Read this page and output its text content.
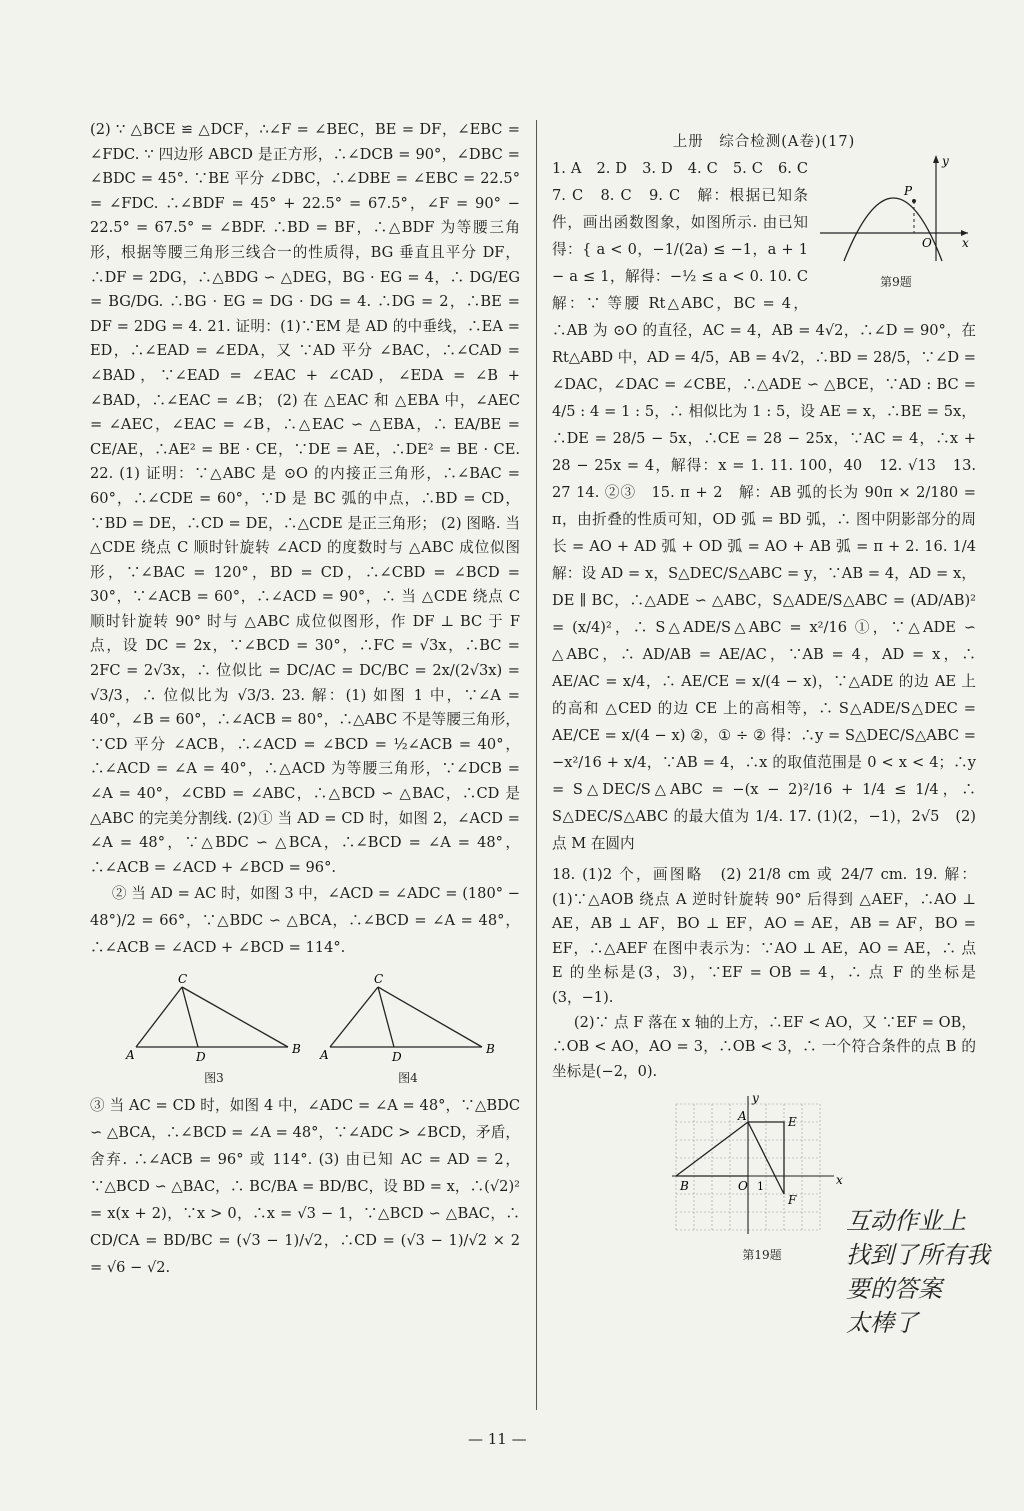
(2) ∵ △BCE ≌ △DCF，∴∠F = ∠BEC，BE = DF，∠EBC = ∠FDC. ∵ 四边形 ABCD 是正方形，∴∠DCB = 90°，∠DBC = ∠BDC = 45°. ∵BE 平分 ∠DBC，∴∠DBE = ∠EBC = 22.5° = ∠FDC. ∴∠BDF = 45° + 22.5° = 67.5°，∠F = 90° − 22.5° = 67.5° = ∠BDF. ∴BD = BF，∴△BDF 为等腰三角形，根据等腰三角形三线合一的性质得，BG 垂直且平分 DF，∴DF = 2DG，∴△BDG ∽ △DEG，BG · EG = 4，∴ DG/EG = BG/DG. ∴BG · EG = DG · DG = 4. ∴DG = 2，∴BE = DF = 2DG = 4. 21. 证明：(1)∵EM 是 AD 的中垂线，∴EA = ED，∴∠EAD = ∠EDA，又 ∵AD 平分 ∠BAC，∴∠CAD = ∠BAD，∵∠EAD = ∠EAC + ∠CAD，∠EDA = ∠B + ∠BAD，∴∠EAC = ∠B； (2) 在 △EAC 和 △EBA 中，∠AEC = ∠AEC，∠EAC = ∠B，∴△EAC ∽ △EBA，∴ EA/BE = CE/AE，∴AE² = BE · CE，∵DE = AE，∴DE² = BE · CE. 22. (1) 证明：∵△ABC 是 ⊙O 的内接正三角形，∴∠BAC = 60°，∴∠CDE = 60°，∵D 是 BC 弧的中点，∴BD = CD，∵BD = DE，∴CD = DE，∴△CDE 是正三角形； (2) 图略. 当 △CDE 绕点 C 顺时针旋转 ∠ACD 的度数时与 △ABC 成位似图形，∵∠BAC = 120°，BD = CD，∴∠CBD = ∠BCD = 30°，∵∠ACB = 60°，∴∠ACD = 90°，∴ 当 △CDE 绕点 C 顺时针旋转 90° 时与 △ABC 成位似图形，作 DF ⊥ BC 于 F 点，设 DC = 2x，∵∠BCD = 30°，∴FC = √3x，∴BC = 2FC = 2√3x，∴ 位似比 = DC/AC = DC/BC = 2x/(2√3x) = √3/3，∴ 位似比为 √3/3. 23. 解：(1) 如图 1 中，∵∠A = 40°，∠B = 60°，∴∠ACB = 80°，∴△ABC 不是等腰三角形，∵CD 平分 ∠ACB，∴∠ACD = ∠BCD = ½∠ACB = 40°，∴∠ACD = ∠A = 40°，∴△ACD 为等腰三角形，∵∠DCB = ∠A = 40°，∠CBD = ∠ABC，∴△BCD ∽ △BAC，∴CD 是 △ABC 的完美分割线. (2)① 当 AD = CD 时，如图 2，∠ACD = ∠A = 48°，∵△BDC ∽ △BCA，∴∠BCD = ∠A = 48°，∴∠ACB = ∠ACD + ∠BCD = 96°.

② 当 AD = AC 时，如图 3 中，∠ACD = ∠ADC = (180° − 48°)/2 = 66°，∵△BDC ∽ △BCA，∴∠BCD = ∠A = 48°，∴∠ACB = ∠ACD + ∠BCD = 114°.

A	B
C
D
图3
A	B
C
D
图4

③ 当 AC = CD 时，如图 4 中，∠ADC = ∠A = 48°，∵△BDC ∽ △BCA，∴∠BCD = ∠A = 48°，∵∠ADC > ∠BCD，矛盾，舍弃. ∴∠ACB = 96° 或 114°. (3) 由已知 AC = AD = 2，∵△BCD ∽ △BAC，∴ BC/BA = BD/BC，设 BD = x，∴(√2)² = x(x + 2)，∵x > 0，∴x = √3 − 1，∵△BCD ∽ △BAC，∴ CD/CA = BD/BC = (√3 − 1)/√2，∴CD = (√3 − 1)/√2 × 2 = √6 − √2.

上册　综合检测(A卷)(17)
P
O	x
y
第9题

1. A　2. D　3. D　4. C　5. C　6. C　7. C　8. C　9. C　解：根据已知条件，画出函数图象，如图所示. 由已知得：{ a < 0，−1/(2a) ≤ −1，a + 1 − a ≤ 1，解得：−½ ≤ a < 0. 10. C　解：∵ 等腰 Rt△ABC，BC = 4，∴AB 为 ⊙O 的直径，AC = 4，AB = 4√2，∴∠D = 90°，在 Rt△ABD 中，AD = 4/5，AB = 4√2，∴BD = 28/5，∵∠D = ∠DAC，∠DAC = ∠CBE，∴△ADE ∽ △BCE，∵AD : BC = 4/5 : 4 = 1 : 5，∴ 相似比为 1 : 5，设 AE = x，∴BE = 5x，∴DE = 28/5 − 5x，∴CE = 28 − 25x，∵AC = 4，∴x + 28 − 25x = 4，解得：x = 1. 11. 100，40　12. √13　13. 27 14. ②③　15. π + 2　解：AB 弧的长为 90π × 2/180 = π，由折叠的性质可知，OD 弧 = BD 弧，∴ 图中阴影部分的周长 = AO + AD 弧 + OD 弧 = AO + AB 弧 = π + 2. 16. 1/4　解：设 AD = x，S△DEC/S△ABC = y，∵AB = 4，AD = x，DE ∥ BC，∴△ADE ∽ △ABC，S△ADE/S△ABC = (AD/AB)² = (x/4)²，∴ S△ADE/S△ABC = x²/16 ①，∵△ADE ∽ △ABC，∴ AD/AB = AE/AC，∵AB = 4，AD = x，∴ AE/AC = x/4，∴ AE/CE = x/(4 − x)，∵△ADE 的边 AE 上的高和 △CED 的边 CE 上的高相等，∴ S△ADE/S△DEC = AE/CE = x/(4 − x) ②，① ÷ ② 得：∴y = S△DEC/S△ABC = −x²/16 + x/4，∵AB = 4，∴x 的取值范围是 0 < x < 4；∴y = S△DEC/S△ABC = −(x − 2)²/16 + 1/4 ≤ 1/4，∴ S△DEC/S△ABC 的最大值为 1/4. 17. (1)(2，−1)，2√5　(2) 点 M 在圆内

18. (1)2 个，画图略　(2) 21/8 cm 或 24/7 cm. 19. 解：(1)∵△AOB 绕点 A 逆时针旋转 90° 后得到 △AEF，∴AO ⊥ AE，AB ⊥ AF，BO ⊥ EF，AO = AE，AB = AF，BO = EF，∴△AEF 在图中表示为：∵AO ⊥ AE，AO = AE，∴ 点 E 的坐标是(3，3)，∵EF = OB = 4，∴ 点 F 的坐标是(3，−1).

(2)∵ 点 F 落在 x 轴的上方，∴EF < AO，又 ∵EF = OB，∴OB < AO，AO = 3，∴OB < 3，∴ 一个符合条件的点 B 的坐标是(−2，0).

B
A	E
F
O 1	x
y
第19题
互动作业上
找到了所有我
要的答案
太棒了
— 11 —
